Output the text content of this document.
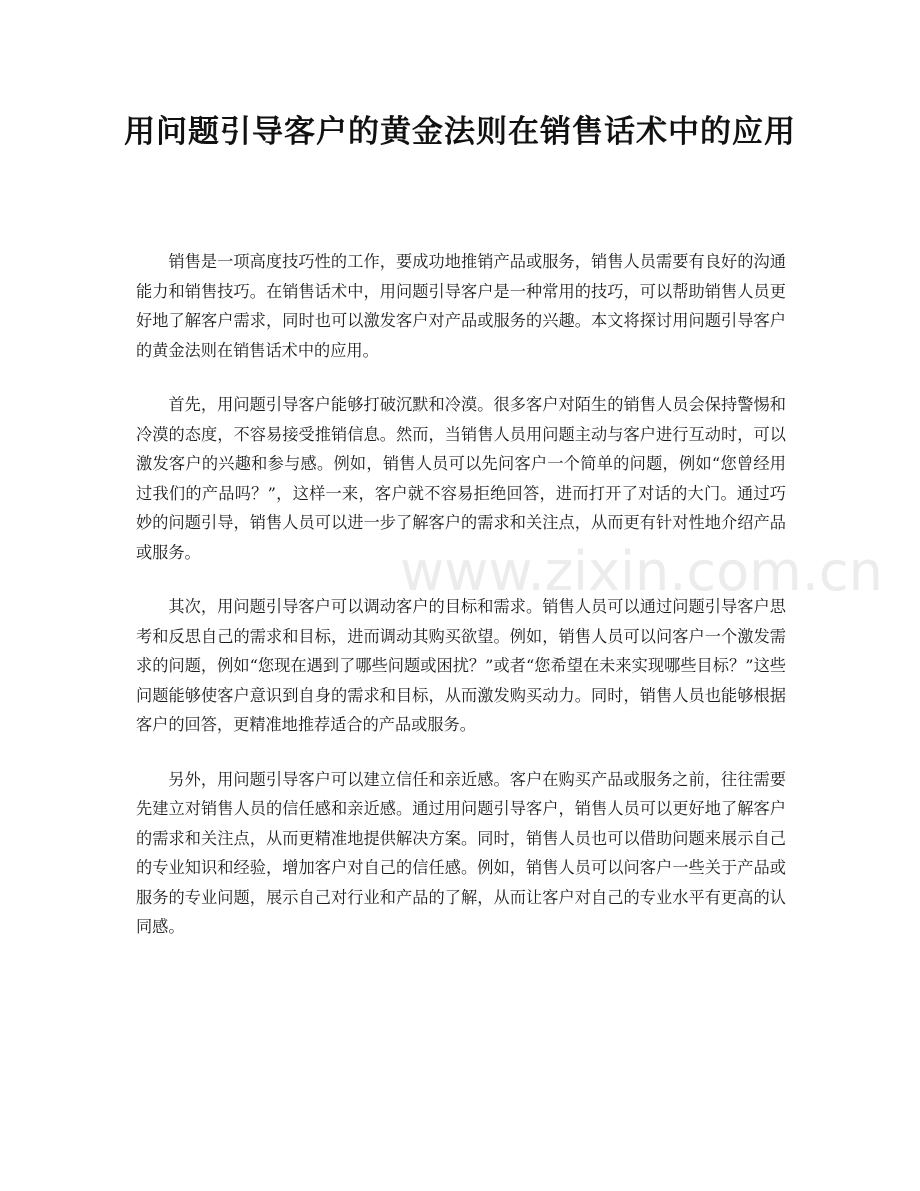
用问题引导客户的黄金法则在销售话术中的应用

销售是一项高度技巧性的工作，要成功地推销产品或服务，销售人员需要有良好的沟通能力和销售技巧。在销售话术中，用问题引导客户是一种常用的技巧，可以帮助销售人员更好地了解客户需求，同时也可以激发客户对产品或服务的兴趣。本文将探讨用问题引导客户的黄金法则在销售话术中的应用。

首先，用问题引导客户能够打破沉默和冷漠。很多客户对陌生的销售人员会保持警惕和冷漠的态度，不容易接受推销信息。然而，当销售人员用问题主动与客户进行互动时，可以激发客户的兴趣和参与感。例如，销售人员可以先问客户一个简单的问题，例如“您曾经用过我们的产品吗？”，这样一来，客户就不容易拒绝回答，进而打开了对话的大门。通过巧妙的问题引导，销售人员可以进一步了解客户的需求和关注点，从而更有针对性地介绍产品或服务。

其次，用问题引导客户可以调动客户的目标和需求。销售人员可以通过问题引导客户思考和反思自己的需求和目标，进而调动其购买欲望。例如，销售人员可以问客户一个激发需求的问题，例如“您现在遇到了哪些问题或困扰？”或者“您希望在未来实现哪些目标？”这些问题能够使客户意识到自身的需求和目标，从而激发购买动力。同时，销售人员也能够根据客户的回答，更精准地推荐适合的产品或服务。

另外，用问题引导客户可以建立信任和亲近感。客户在购买产品或服务之前，往往需要先建立对销售人员的信任感和亲近感。通过用问题引导客户，销售人员可以更好地了解客户的需求和关注点，从而更精准地提供解决方案。同时，销售人员也可以借助问题来展示自己的专业知识和经验，增加客户对自己的信任感。例如，销售人员可以问客户一些关于产品或服务的专业问题，展示自己对行业和产品的了解，从而让客户对自己的专业水平有更高的认同感。

www.zixin.com.cn
